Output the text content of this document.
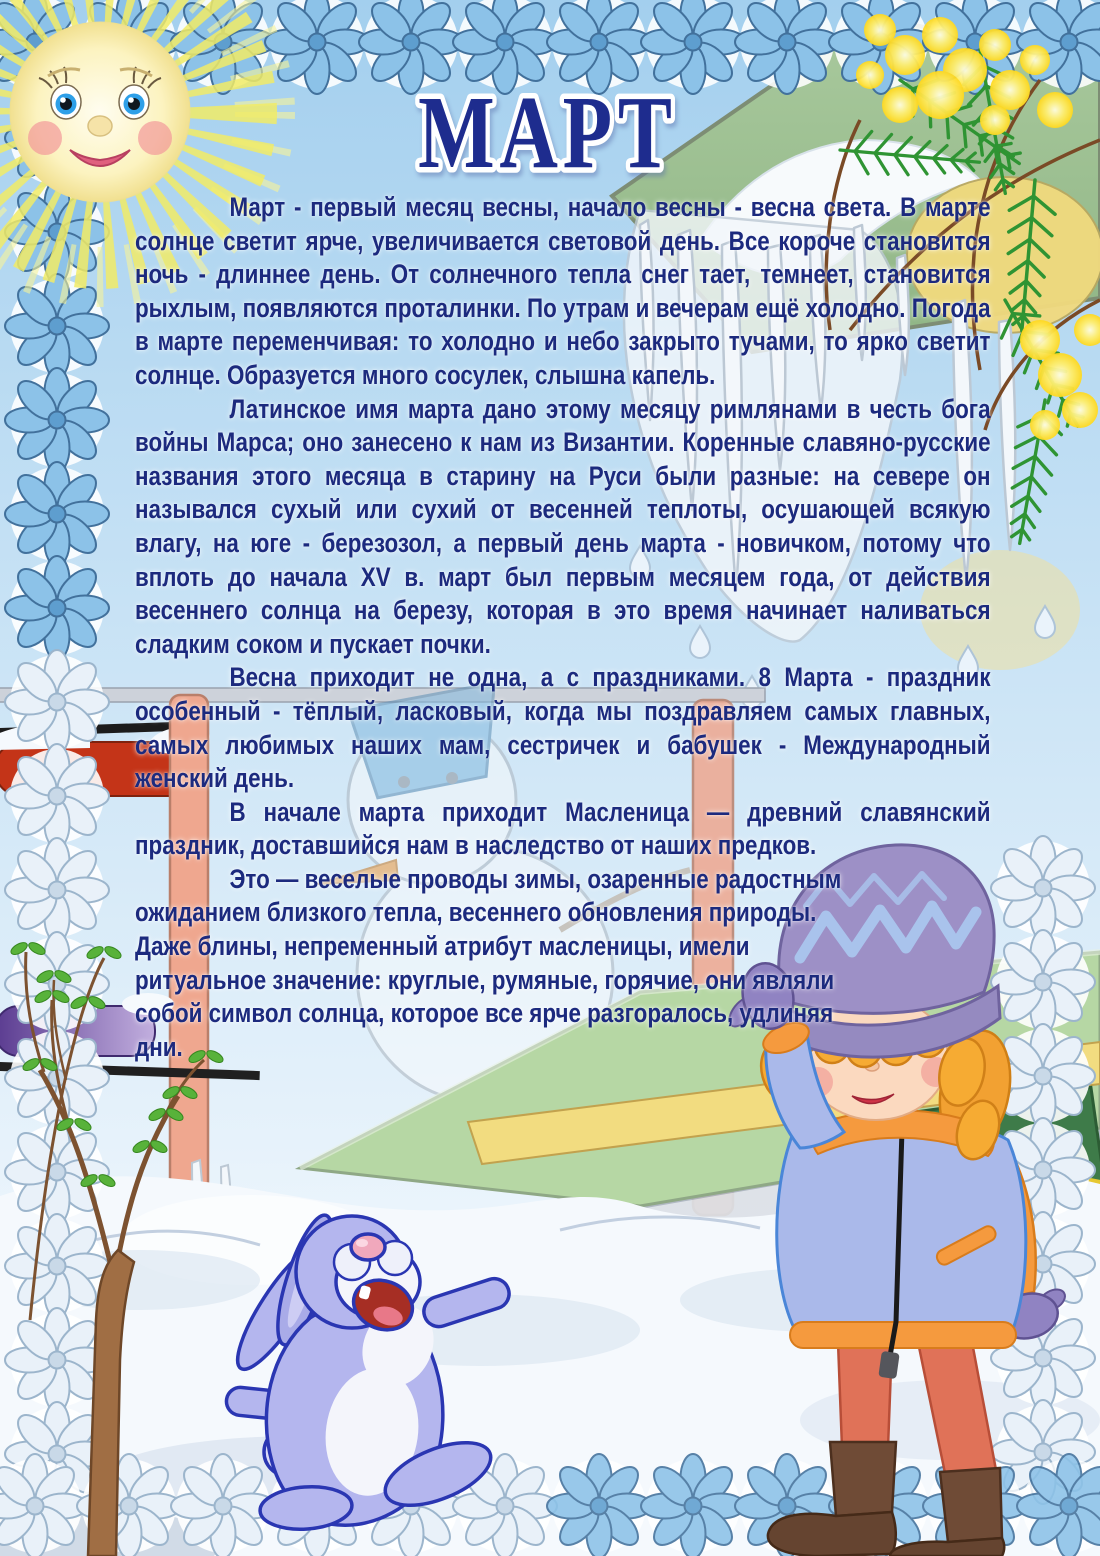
МАРТ

Март - первый месяц весны, начало весны - весна света. В марте солнце светит ярче, увеличивается световой день. Все короче становится ночь - длиннее день. От солнечного тепла снег тает, темнеет, становится рыхлым, появляются проталинки. По утрам и вечерам ещё холодно. Погода в марте переменчивая: то холодно и небо закрыто тучами, то ярко светит солнце. Образуется много сосулек, слышна капель.

Латинское имя марта дано этому месяцу римлянами в честь бога войны Марса; оно занесено к нам из Византии. Коренные славяно-русские названия этого месяца в старину на Руси были разные: на севере он назывался сухый или сухий от весенней теплоты, осушающей всякую влагу, на юге - березозол, а первый день марта - новичком, потому что вплоть до начала XV в. март был первым месяцем года, от действия весеннего солнца на березу, которая в это время начинает наливаться сладким соком и пускает почки.

Весна приходит не одна, а с праздниками. 8 Марта - праздник особенный - тёплый, ласковый, когда мы поздравляем самых главных, самых любимых наших мам, сестричек и бабушек - Международный женский день.

В начале марта приходит Масленица — древний славянский праздник, доставшийся нам в наследство от наших предков.

Это — веселые проводы зимы, озаренные радостным ожиданием близкого тепла, весеннего обновления природы. Даже блины, непременный атрибут масленицы, имели ритуальное значение: круглые, румяные, горячие, они являли собой символ солнца, которое все ярче разгоралось, удлиняя дни.
